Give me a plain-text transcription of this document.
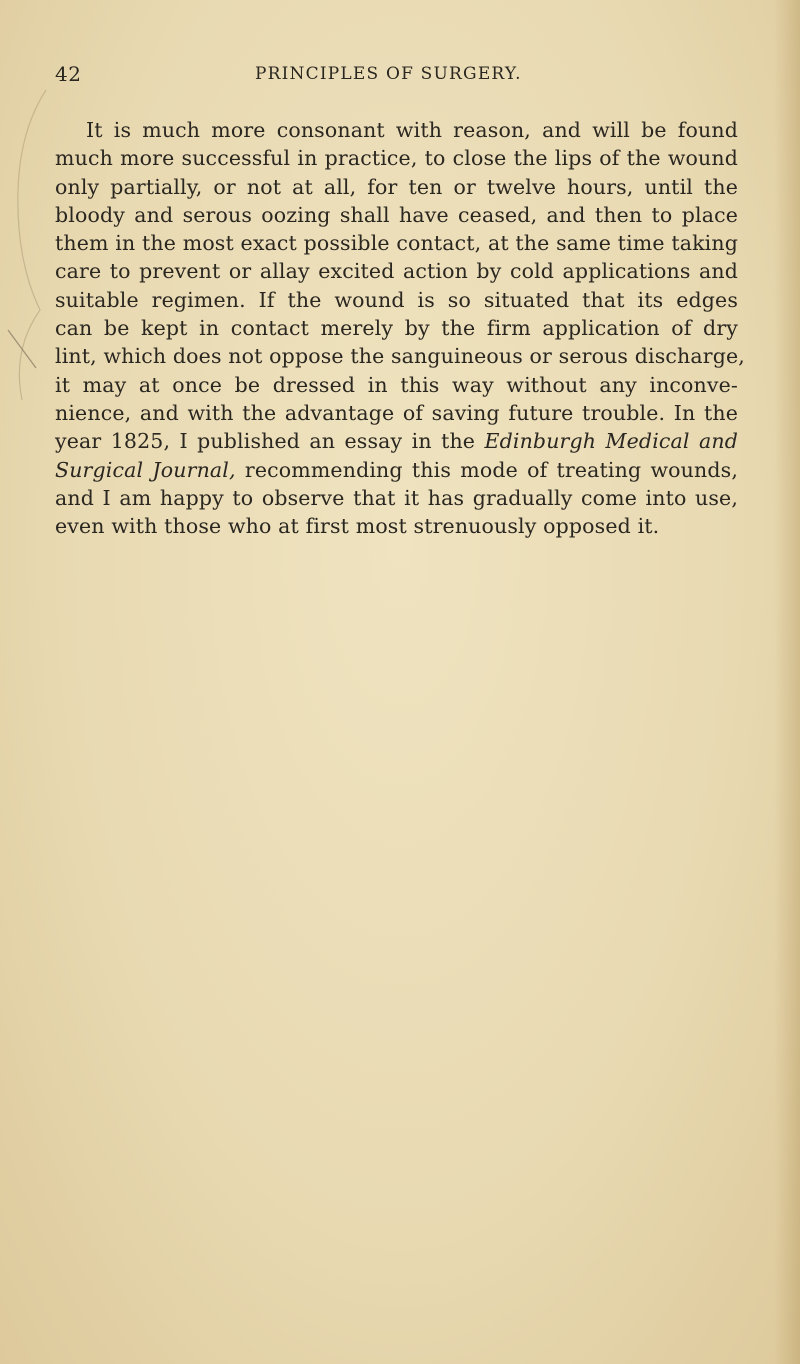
42	PRINCIPLES OF SURGERY.
It is much more consonant with reason, and will be found
much more successful in practice, to close the lips of the wound
only partially, or not at all, for ten or twelve hours, until the
bloody and serous oozing shall have ceased, and then to place
them in the most exact possible contact, at the same time taking
care to prevent or allay excited action by cold applications and
suitable regimen. If the wound is so situated that its edges
can be kept in contact merely by the firm application of dry
lint, which does not oppose the sanguineous or serous discharge,
it may at once be dressed in this way without any inconve-
nience, and with the advantage of saving future trouble. In the
year 1825, I published an essay in the Edinburgh Medical and
Surgical Journal, recommending this mode of treating wounds,
and I am happy to observe that it has gradually come into use,
even with those who at first most strenuously opposed it.
